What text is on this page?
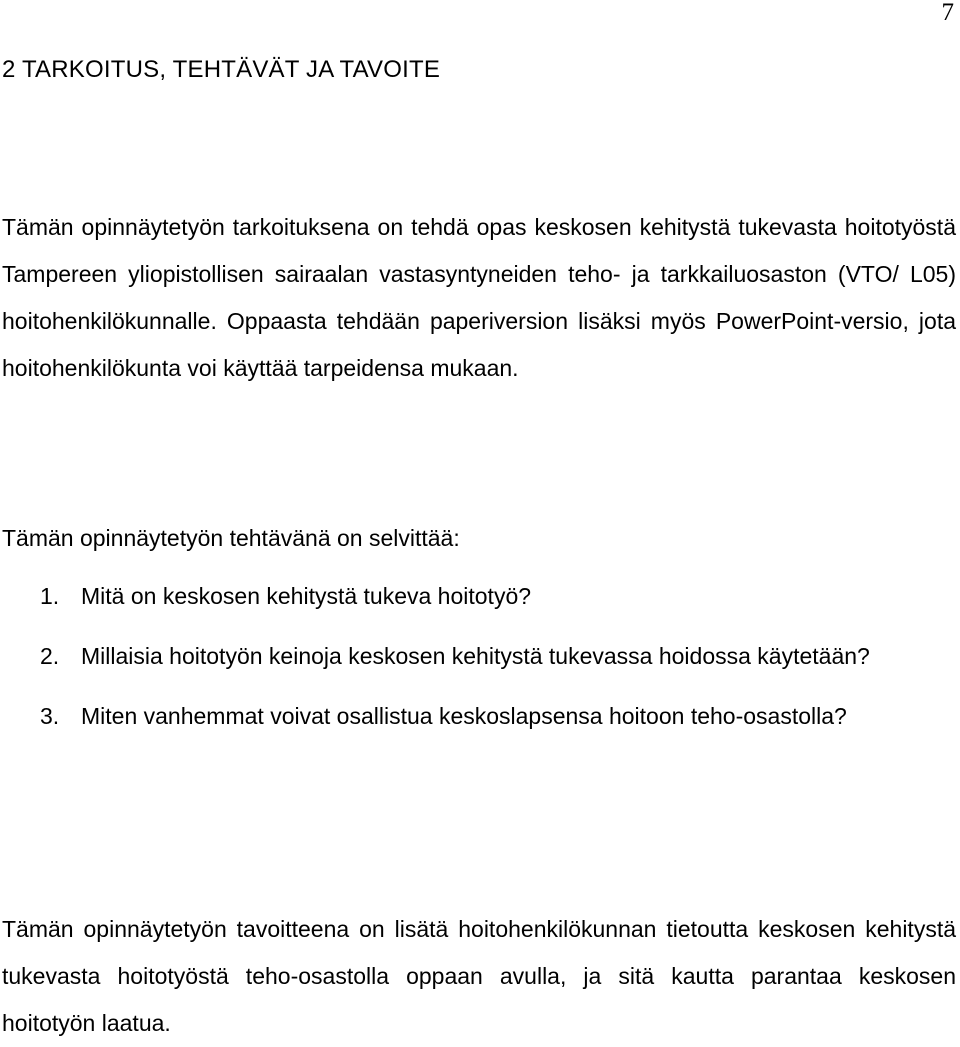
7
2 TARKOITUS, TEHTÄVÄT JA TAVOITE
Tämän opinnäytetyön tarkoituksena on tehdä opas keskosen kehitystä tukevasta hoitotyöstä Tampereen yliopistollisen sairaalan vastasyntyneiden teho- ja tarkkailuosaston (VTO/ L05) hoitohenkilökunnalle. Oppaasta tehdään paperiversion lisäksi myös PowerPoint-versio, jota hoitohenkilökunta voi käyttää tarpeidensa mukaan.
Tämän opinnäytetyön tehtävänä on selvittää:
1. Mitä on keskosen kehitystä tukeva hoitotyö?
2. Millaisia hoitotyön keinoja keskosen kehitystä tukevassa hoidossa käytetään?
3. Miten vanhemmat voivat osallistua keskoslapsensa hoitoon teho-osastolla?
Tämän opinnäytetyön tavoitteena on lisätä hoitohenkilökunnan tietoutta keskosen kehitystä tukevasta hoitotyöstä teho-osastolla oppaan avulla, ja sitä kautta parantaa keskosen hoitotyön laatua.
